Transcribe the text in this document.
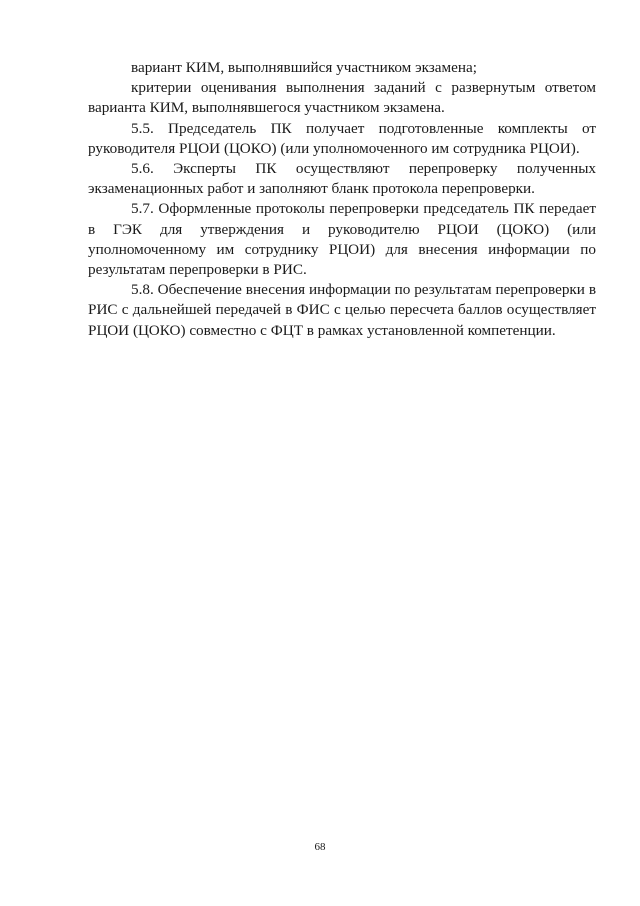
вариант КИМ, выполнявшийся участником экзамена;

критерии оценивания выполнения заданий с развернутым ответом варианта КИМ, выполнявшегося участником экзамена.

5.5. Председатель ПК получает подготовленные комплекты от руководителя РЦОИ (ЦОКО) (или уполномоченного им сотрудника РЦОИ).

5.6. Эксперты ПК осуществляют перепроверку полученных экзаменационных работ и заполняют бланк протокола перепроверки.

5.7. Оформленные протоколы перепроверки председатель ПК передает в ГЭК для утверждения и руководителю РЦОИ (ЦОКО) (или уполномоченному им сотруднику РЦОИ) для внесения информации по результатам перепроверки в РИС.

5.8. Обеспечение внесения информации по результатам перепроверки в РИС с дальнейшей передачей в ФИС с целью пересчета баллов осуществляет РЦОИ (ЦОКО) совместно с ФЦТ в рамках установленной компетенции.

68
